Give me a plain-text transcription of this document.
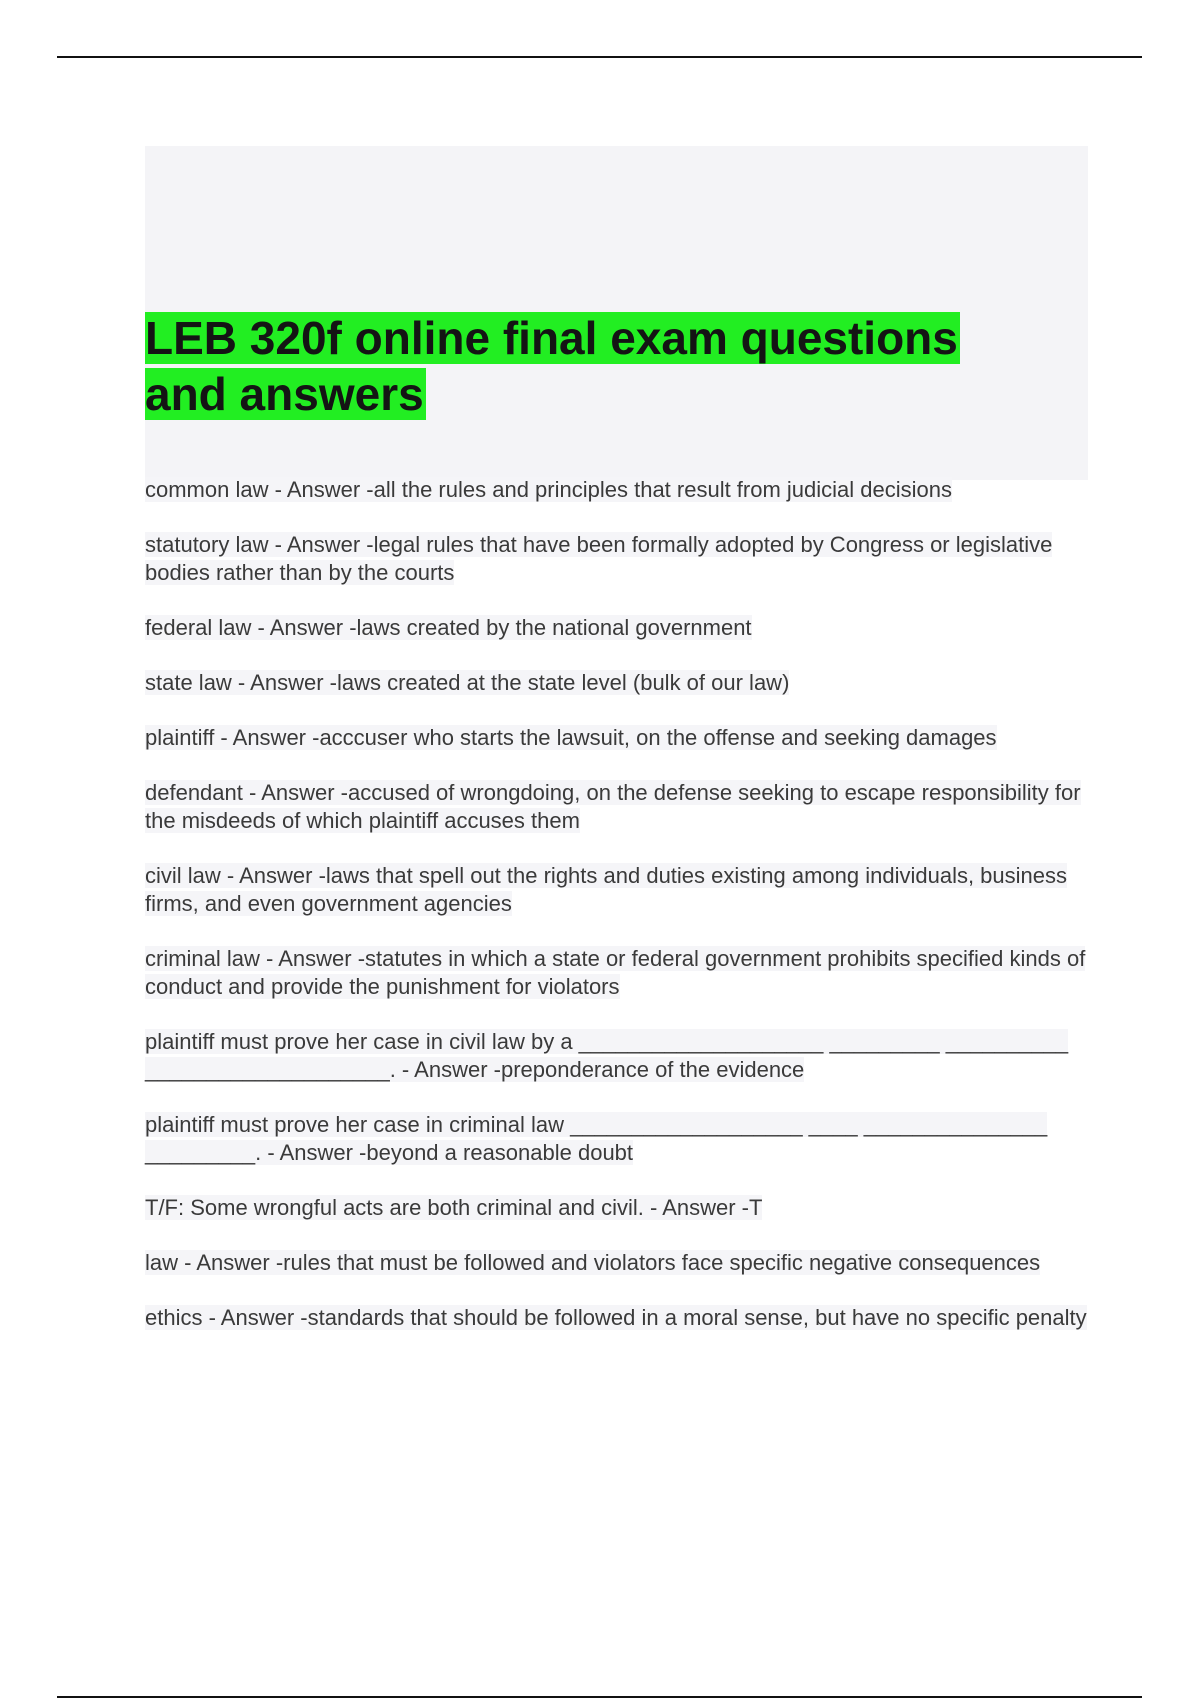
LEB 320f online final exam questions and answers

common law - Answer -all the rules and principles that result from judicial decisions

statutory law - Answer -legal rules that have been formally adopted by Congress or legislative bodies rather than by the courts

federal law - Answer -laws created by the national government

state law - Answer -laws created at the state level (bulk of our law)

plaintiff - Answer -acccuser who starts the lawsuit, on the offense and seeking damages

defendant - Answer -accused of wrongdoing, on the defense seeking to escape responsibility for the misdeeds of which plaintiff accuses them

civil law - Answer -laws that spell out the rights and duties existing among individuals, business firms, and even government agencies

criminal law - Answer -statutes in which a state or federal government prohibits specified kinds of conduct and provide the punishment for violators

plaintiff must prove her case in civil law by a ____________________ _________ __________ ____________________. - Answer -preponderance of the evidence

plaintiff must prove her case in criminal law ___________________ ____ _______________ _________. - Answer -beyond a reasonable doubt

T/F: Some wrongful acts are both criminal and civil. - Answer -T

law - Answer -rules that must be followed and violators face specific negative consequences

ethics - Answer -standards that should be followed in a moral sense, but have no specific penalty
